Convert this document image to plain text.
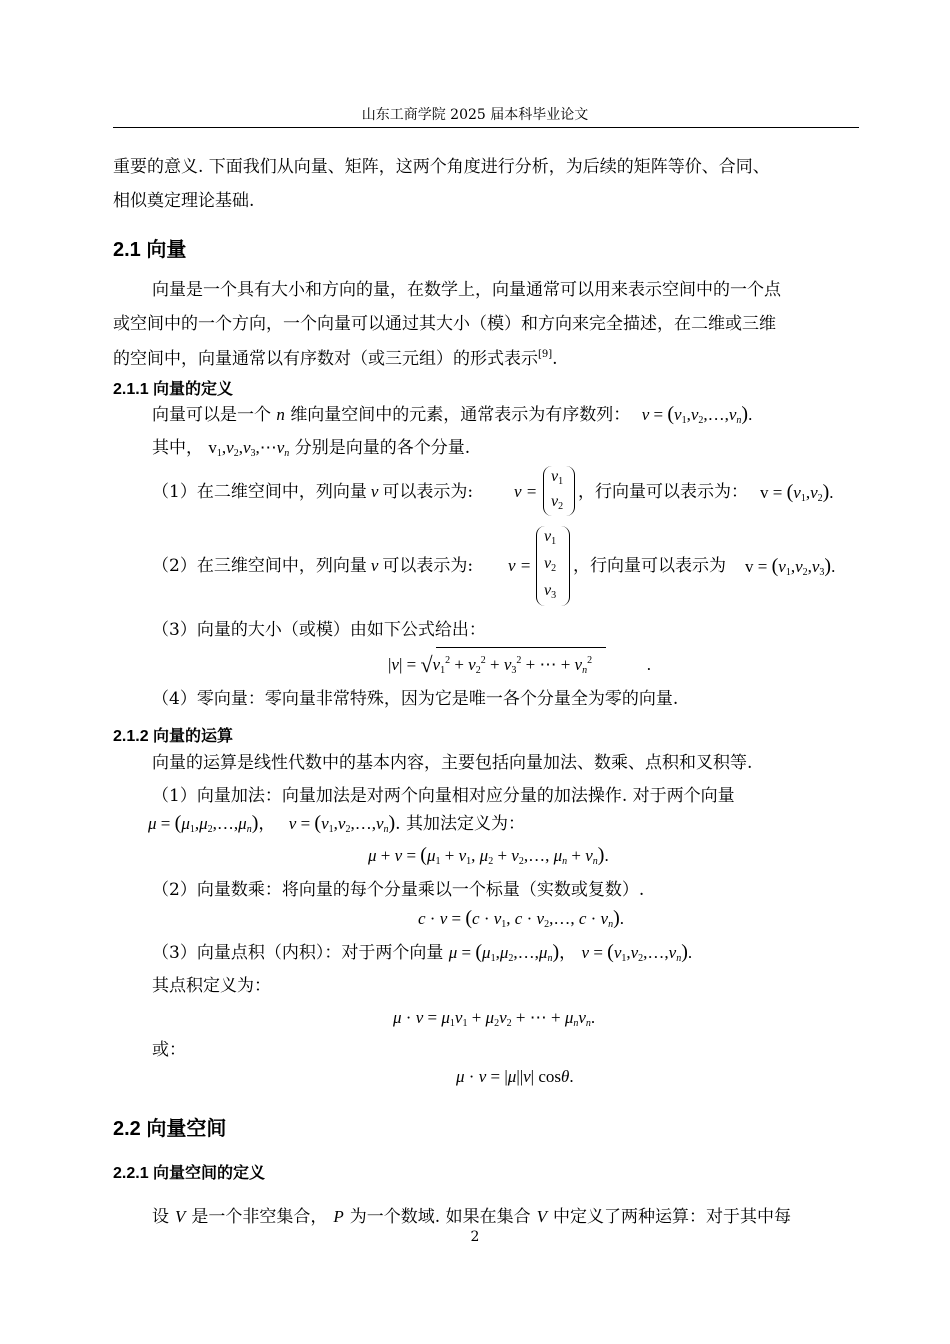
山东工商学院 2025 届本科毕业论文
重要的意义. 下面我们从向量、矩阵，这两个角度进行分析，为后续的矩阵等价、合同、
相似奠定理论基础.
2.1 向量
向量是一个具有大小和方向的量，在数学上，向量通常可以用来表示空间中的一个点
或空间中的一个方向，一个向量可以通过其大小（模）和方向来完全描述，在二维或三维
的空间中，向量通常以有序数对（或三元组）的形式表示[9].
2.1.1 向量的定义
向量可以是一个 n 维向量空间中的元素，通常表示为有序数列： $v = (v_1,v_2,\dots,v_n)$.
其中， $v_1,v_2,v_3,\cdots v_n$ 分别是向量的各个分量.
（1）在二维空间中，列向量 v 可以表示为: v =
$v_1$
$v_2$
，行向量可以表示为： $v = (v_1,v_2)$.
（2）在三维空间中，列向量 v 可以表示为: v =
$v_1$
$v_2$
$v_3$
，行向量可以表示为 $v = (v_1,v_2,v_3)$.
（3）向量的大小（或模）由如下公式给出：
$|v| = √v_1^2 + v_2^2 + v_3^2$ + ⋯ + $v_n^2$	.
（4）零向量：零向量非常特殊，因为它是唯一各个分量全为零的向量.
2.1.2 向量的运算
向量的运算是线性代数中的基本内容，主要包括向量加法、数乘、点积和叉积等.
（1）向量加法：向量加法是对两个向量相对应分量的加法操作. 对于两个向量
$\mu = (\mu_1,\mu_2,\dots,\mu_n)$， $v = (v_1,v_2,\dots,v_n)$. 其加法定义为：
$\mu + v = (\mu_1 + v_1$, $\mu_2$ + $v_2,\dots$, $\mu_n + v_n$).
（2）向量数乘：将向量的每个分量乘以一个标量（实数或复数）.
$c \cdot v = (c \cdot v_1$, $c \cdot v_2,\dots$, $c \cdot v_n$).
（3）向量点积（内积）：对于两个向量 $\mu = (\mu_1,\mu_2,\dots,\mu_n)$， $v = (v_1,v_2,\dots,v_n)$.
其点积定义为：
$\mu \cdot v = \mu_1v_1 + \mu_2v_2$ + ⋯ + $\mu_nv_n$.
或：
μ · v = |μ||v| cosθ.
2.2 向量空间
2.2.1 向量空间的定义
设 V 是一个非空集合， P 为一个数域. 如果在集合 V 中定义了两种运算：对于其中每
2
